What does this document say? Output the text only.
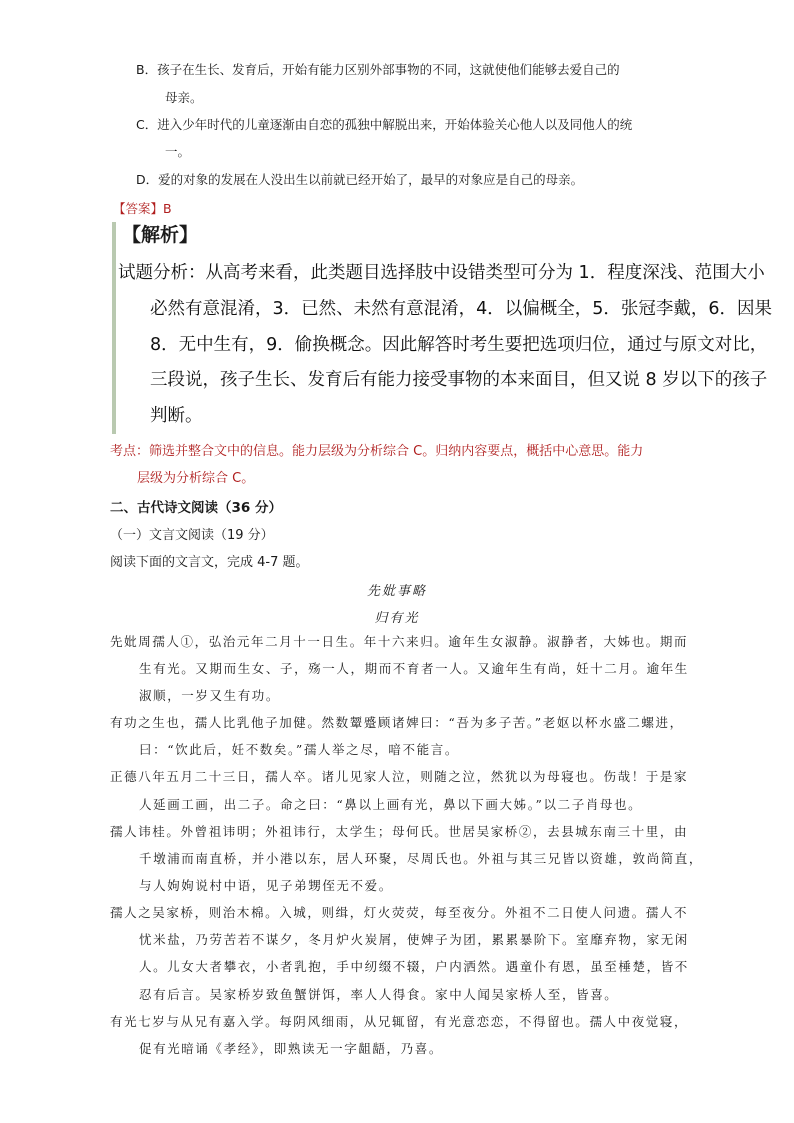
B．孩子在生长、发育后，开始有能力区别外部事物的不同，这就使他们能够去爱自己的
母亲。
C．进入少年时代的儿童逐渐由自恋的孤独中解脱出来，开始体验关心他人以及同他人的统
一。
D．爱的对象的发展在人没出生以前就已经开始了，最早的对象应是自己的母亲。
【答案】B
【解析】
试题分析：从高考来看，此类题目选择肢中设错类型可分为 1．程度深浅、范围大小
必然有意混淆，3．已然、未然有意混淆，4．以偏概全，5．张冠李戴，6．因果
8．无中生有，9．偷换概念。因此解答时考生要把选项归位，通过与原文对比，
三段说，孩子生长、发育后有能力接受事物的本来面目，但又说 8 岁以下的孩子
判断。
考点：筛选并整合文中的信息。能力层级为分析综合 C。归纳内容要点，概括中心意思。能力
层级为分析综合 C。
二、古代诗文阅读（36 分）
（一）文言文阅读（19 分）
阅读下面的文言文，完成 4-7 题。
先妣事略
归有光
先妣周孺人①，弘治元年二月十一日生。年十六来归。逾年生女淑静。淑静者，大姊也。期而
生有光。又期而生女、子，殇一人，期而不育者一人。又逾年生有尚，妊十二月。逾年生
淑顺，一岁又生有功。
有功之生也，孺人比乳他子加健。然数颦蹙顾诸婢曰：“吾为多子苦。”老妪以杯水盛二螺进，
曰：“饮此后，妊不数矣。”孺人举之尽，喑不能言。
正德八年五月二十三日，孺人卒。诸儿见家人泣，则随之泣，然犹以为母寝也。伤哉！于是家
人延画工画，出二子。命之曰：“鼻以上画有光，鼻以下画大姊。”以二子肖母也。
孺人讳桂。外曾祖讳明；外祖讳行，太学生；母何氏。世居吴家桥②，去县城东南三十里，由
千墩浦而南直桥，并小港以东，居人环聚，尽周氏也。外祖与其三兄皆以资雄，敦尚简直，
与人姁姁说村中语，见子弟甥侄无不爱。
孺人之吴家桥，则治木棉。入城，则缉，灯火荧荧，每至夜分。外祖不二日使人问遗。孺人不
忧米盐，乃劳苦若不谋夕，冬月炉火炭屑，使婢子为团，累累暴阶下。室靡弃物，家无闲
人。儿女大者攀衣，小者乳抱，手中纫缀不辍，户内洒然。遇童仆有恩，虽至棰楚，皆不
忍有后言。吴家桥岁致鱼蟹饼饵，率人人得食。家中人闻吴家桥人至，皆喜。
有光七岁与从兄有嘉入学。每阴风细雨，从兄辄留，有光意恋恋，不得留也。孺人中夜觉寝，
促有光暗诵《孝经》，即熟读无一字龃龉，乃喜。
